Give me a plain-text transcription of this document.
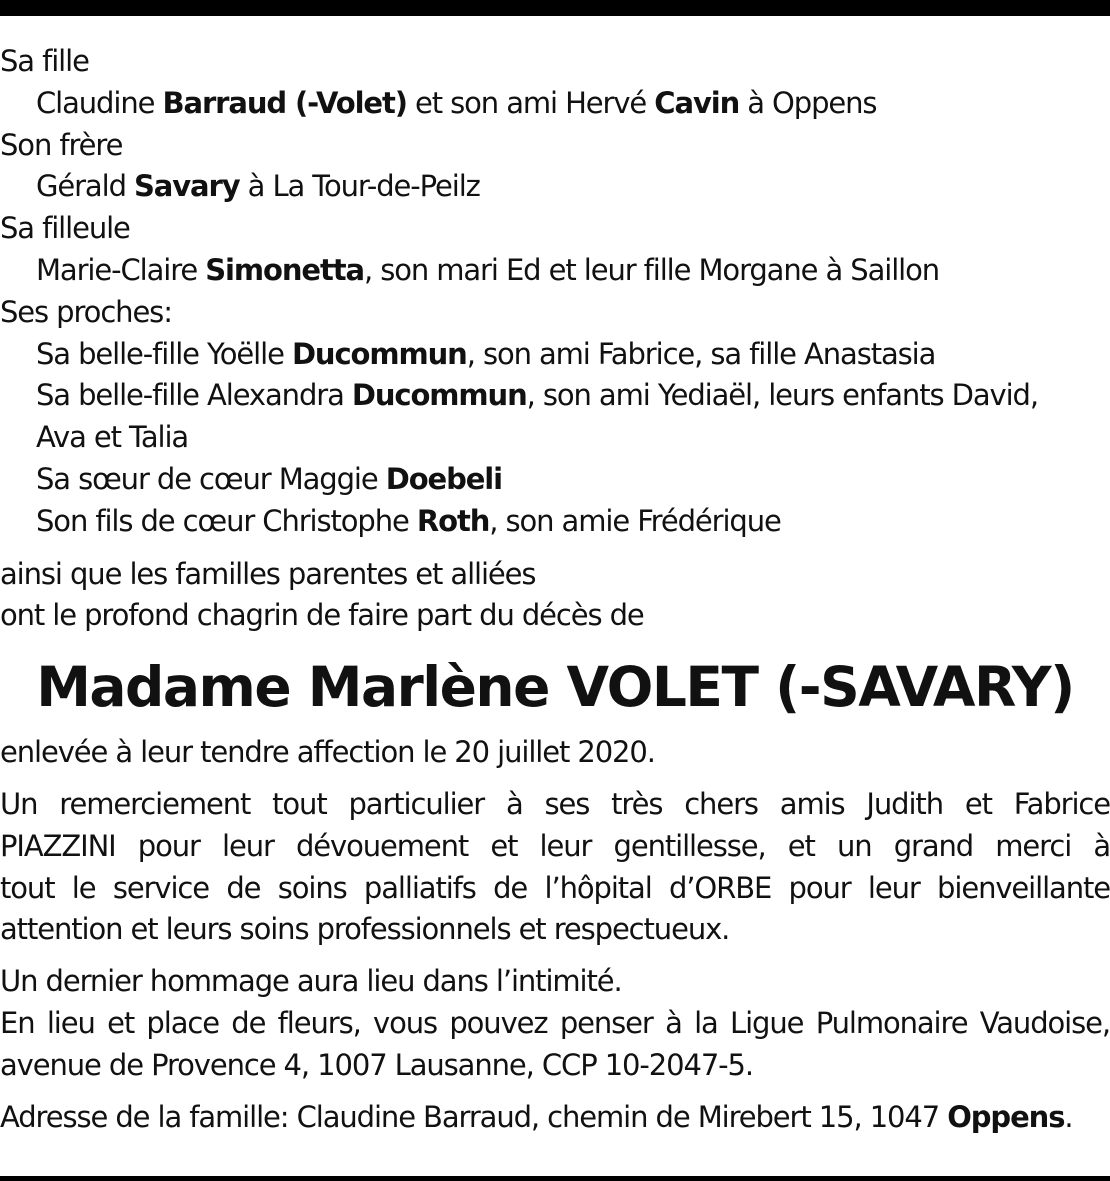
Sa fille
Claudine Barraud (-Volet) et son ami Hervé Cavin à Oppens
Son frère
Gérald Savary à La Tour-de-Peilz
Sa filleule
Marie-Claire Simonetta, son mari Ed et leur fille Morgane à Saillon
Ses proches:
Sa belle-fille Yoëlle Ducommun, son ami Fabrice, sa fille Anastasia
Sa belle-fille Alexandra Ducommun, son ami Yediaël, leurs enfants David,
Ava et Talia
Sa sœur de cœur Maggie Doebeli
Son fils de cœur Christophe Roth, son amie Frédérique
ainsi que les familles parentes et alliées
ont le profond chagrin de faire part du décès de
Madame Marlène VOLET (-SAVARY)
enlevée à leur tendre affection le 20 juillet 2020.
Un remerciement tout particulier à ses très chers amis Judith et Fabrice
PIAZZINI pour leur dévouement et leur gentillesse, et un grand merci à
tout le service de soins palliatifs de l’hôpital d’ORBE pour leur bienveillante
attention et leurs soins professionnels et respectueux.
Un dernier hommage aura lieu dans l’intimité.
En lieu et place de fleurs, vous pouvez penser à la Ligue Pulmonaire Vaudoise,
avenue de Provence 4, 1007 Lausanne, CCP 10-2047-5.
Adresse de la famille: Claudine Barraud, chemin de Mirebert 15, 1047 Oppens.
